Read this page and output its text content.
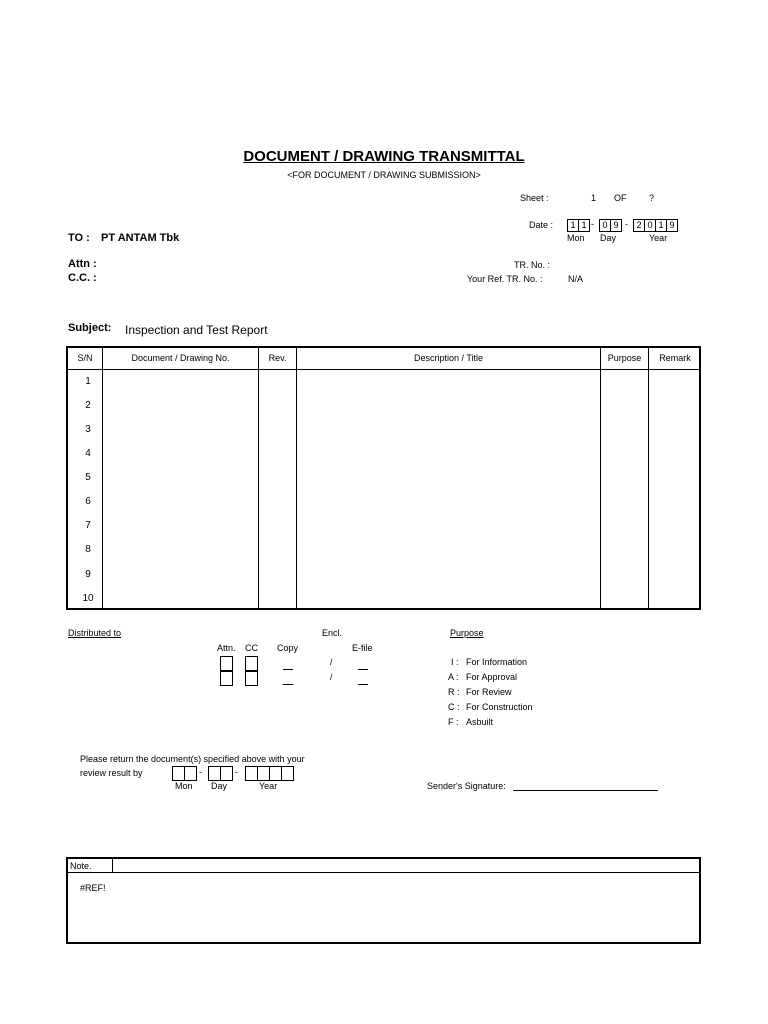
DOCUMENT / DRAWING TRANSMITTAL
<FOR DOCUMENT / DRAWING SUBMISSION>
Sheet :	1 OF	?
Date :	1 1 - 0 9 - 2 0 1 9
Mon Day	Year
TO : PT ANTAM Tbk
Attn :
C.C. :
TR. No. :
Your Ref. TR. No. :	N/A
Subject: Inspection and Test Report
S/N	Document / Drawing No.	Rev.	Description / Title	Purpose	Remark
1
2
3
4
5
6
7
8
9
10
Distributed to	Encl.
Attn. CC Copy	E-file
/
/
Purpose
I : For Information
A : For Approval
R : For Review
C : For Construction
F : Asbuilt
Please return the document(s) specified above with your
review result by	-	-
Mon Day	Year	Sender's Signature:
Note.
#REF!
